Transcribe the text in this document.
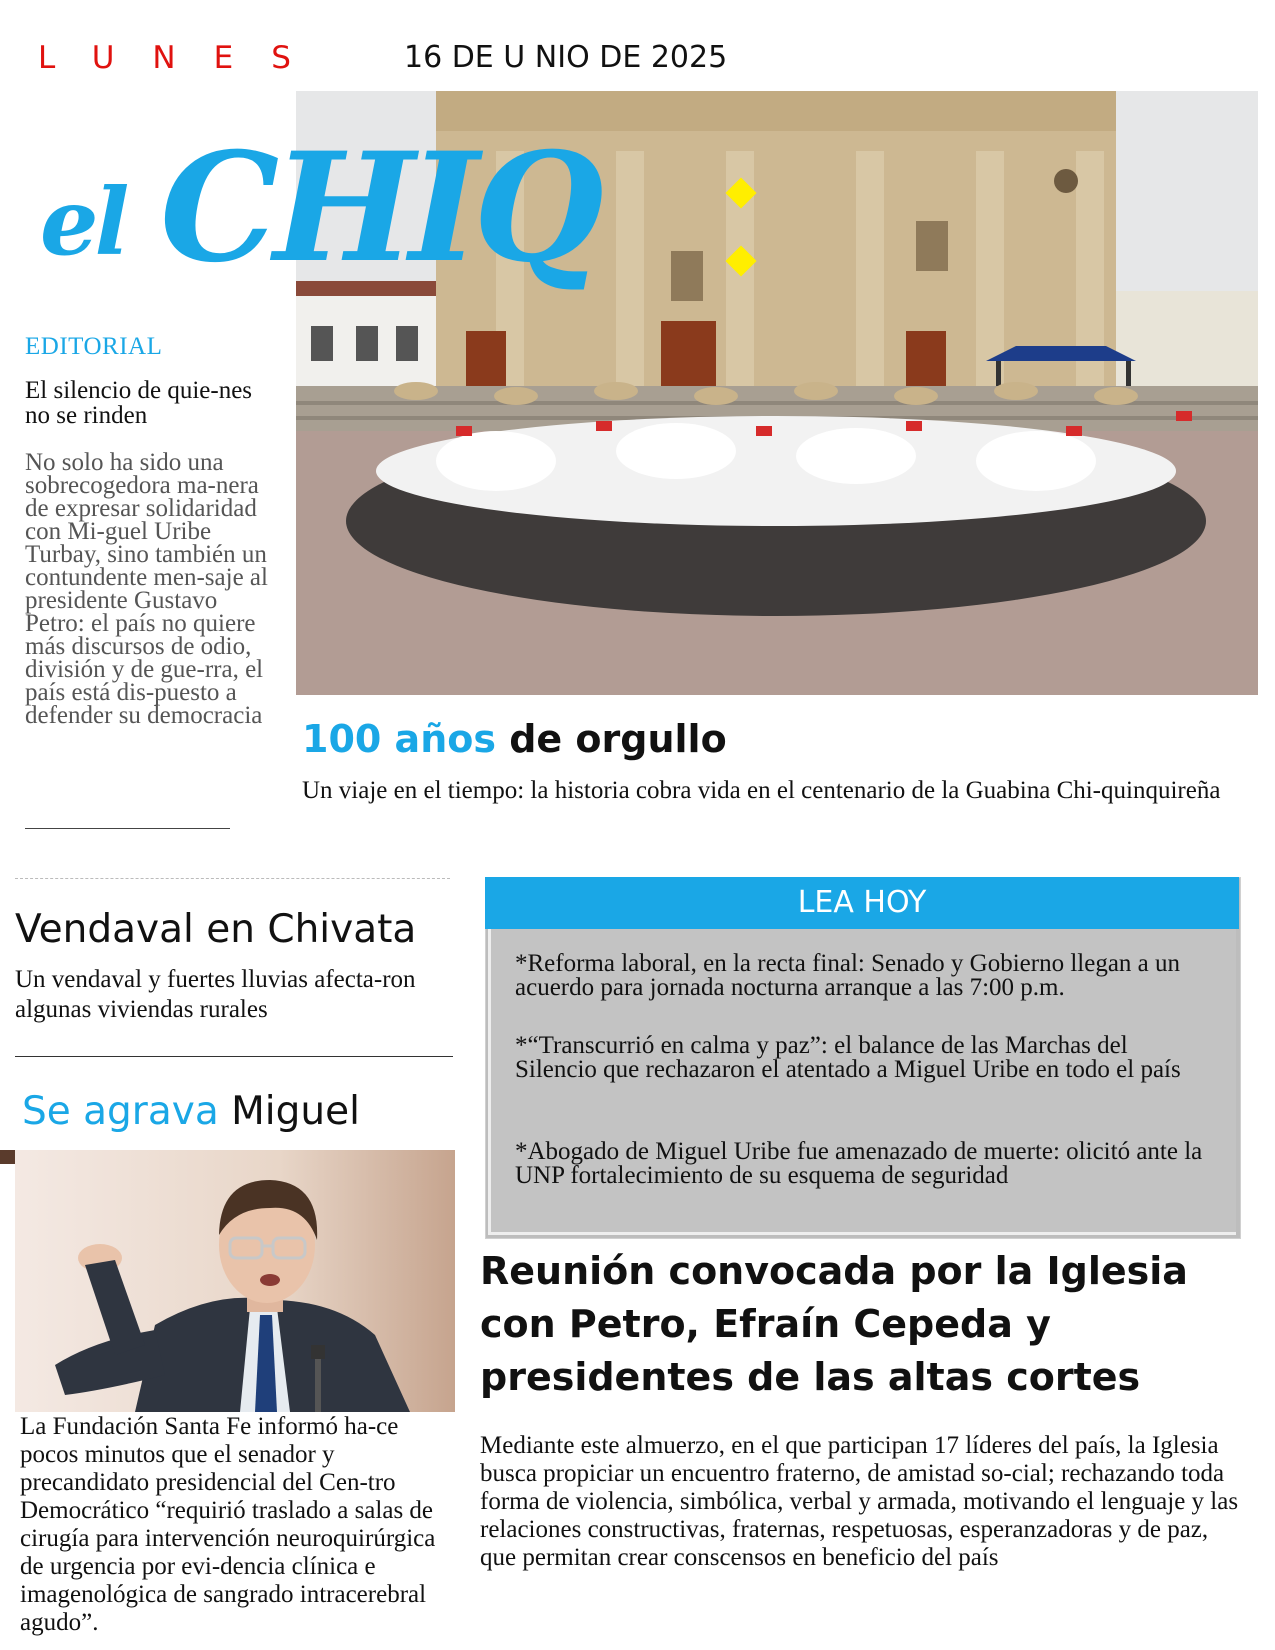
LUNES	16 DE U NIO DE 2025
el CHIQ
EDITORIAL
El silencio de quie-nes no se rinden
No solo ha sido una sobrecogedora ma-nera de expresar solidaridad con Mi-guel Uribe Turbay, sino también un contundente men-saje al presidente Gustavo Petro: el país no quiere más discursos de odio, división y de gue-rra, el país está dis-puesto a defender su democracia
100 años de orgullo
Un viaje en el tiempo: la historia cobra vida en el centenario de la Guabina Chi-quinquireña
Vendaval en Chivata
Un vendaval y fuertes lluvias afecta-ron algunas viviendas rurales
Se agrava Miguel
La Fundación Santa Fe informó ha-ce pocos minutos que el senador y precandidato presidencial del Cen-tro Democrático “requirió traslado a salas de cirugía para intervención neuroquirúrgica de urgencia por evi-dencia clínica e imagenológica de sangrado intracerebral agudo”.
LEA HOY
*Reforma laboral, en la recta final: Senado y Gobierno llegan a un acuerdo para jornada nocturna arranque a las 7:00 p.m.
*“Transcurrió en calma y paz”: el balance de las Marchas del Silencio que rechazaron el atentado a Miguel Uribe en todo el país
*Abogado de Miguel Uribe fue amenazado de muerte: olicitó ante la UNP fortalecimiento de su esquema de seguridad
Reunión convocada por la Iglesia con Petro, Efraín Cepeda y presidentes de las altas cortes
Mediante este almuerzo, en el que participan 17 líderes del país, la Iglesia busca propiciar un encuentro fraterno, de amistad so-cial; rechazando toda forma de violencia, simbólica, verbal y armada, motivando el lenguaje y las relaciones constructivas, fraternas, respetuosas, esperanzadoras y de paz, que permitan crear conscensos en beneficio del país
